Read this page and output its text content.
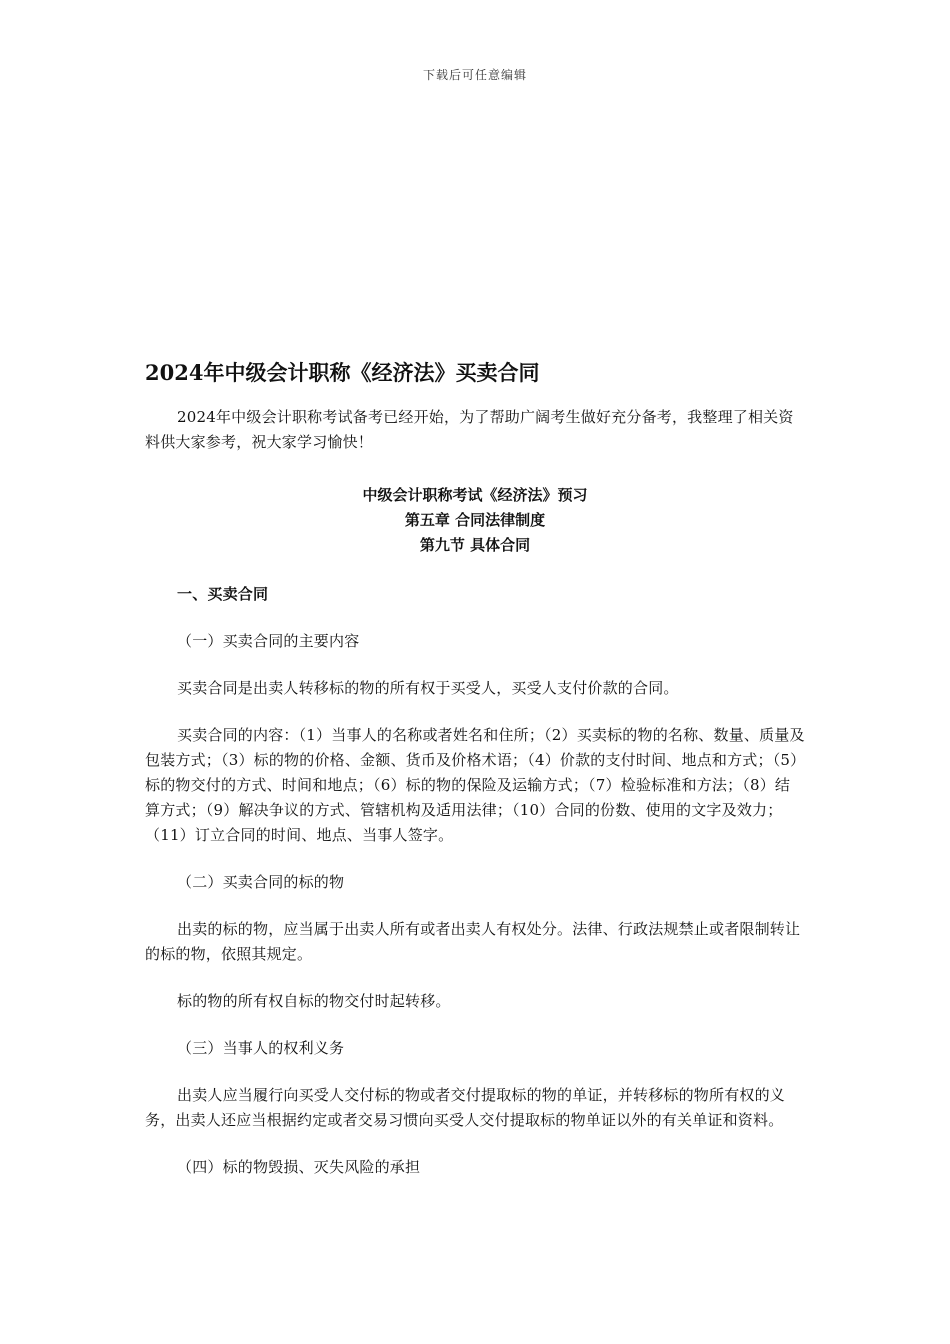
下载后可任意编辑
2024年中级会计职称《经济法》买卖合同

2024年中级会计职称考试备考已经开始，为了帮助广阔考生做好充分备考，我整理了相关资料供大家参考，祝大家学习愉快！

中级会计职称考试《经济法》预习

第五章 合同法律制度

第九节 具体合同

一、买卖合同

（一）买卖合同的主要内容

买卖合同是出卖人转移标的物的所有权于买受人，买受人支付价款的合同。

买卖合同的内容：（1）当事人的名称或者姓名和住所；（2）买卖标的物的名称、数量、质量及包装方式；（3）标的物的价格、金额、货币及价格术语；（4）价款的支付时间、地点和方式；（5）标的物交付的方式、时间和地点；（6）标的物的保险及运输方式；（7）检验标准和方法；（8）结算方式；（9）解决争议的方式、管辖机构及适用法律；（10）合同的份数、使用的文字及效力；（11）订立合同的时间、地点、当事人签字。

（二）买卖合同的标的物

出卖的标的物，应当属于出卖人所有或者出卖人有权处分。法律、行政法规禁止或者限制转让的标的物，依照其规定。

标的物的所有权自标的物交付时起转移。

（三）当事人的权利义务

出卖人应当履行向买受人交付标的物或者交付提取标的物的单证，并转移标的物所有权的义务，出卖人还应当根据约定或者交易习惯向买受人交付提取标的物单证以外的有关单证和资料。

（四）标的物毁损、灭失风险的承担
